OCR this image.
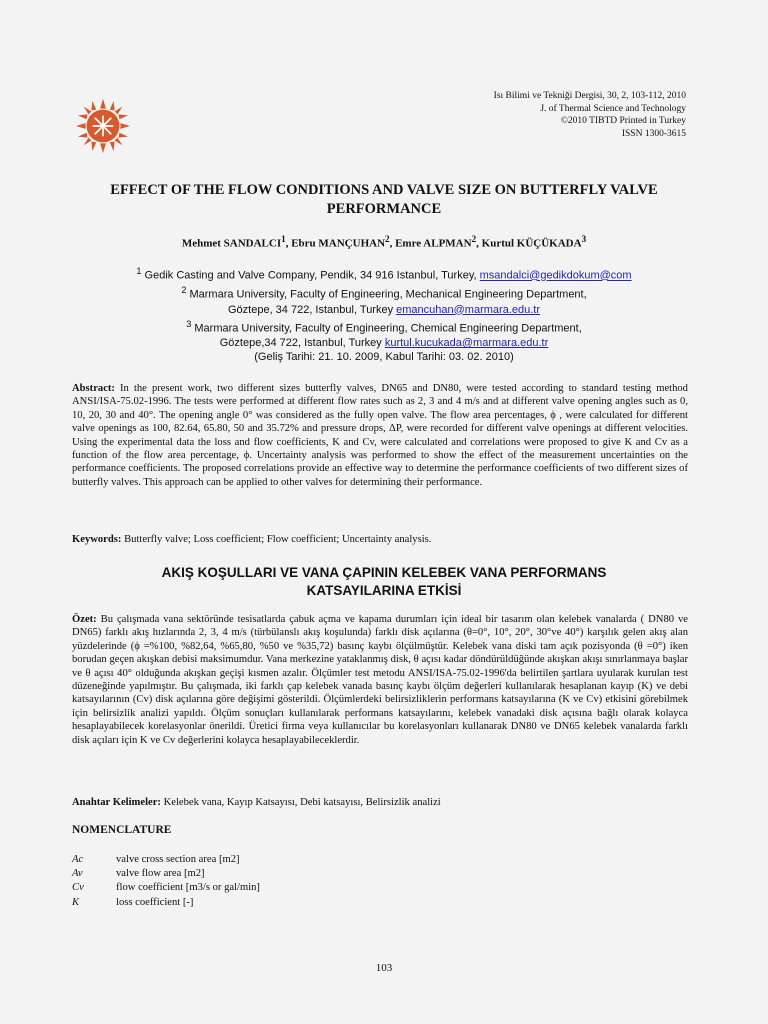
Isı Bilimi ve Tekniği Dergisi, 30, 2, 103-112, 2010
J. of Thermal Science and Technology
©2010 TIBTD Printed in Turkey
ISSN 1300-3615
EFFECT OF THE FLOW CONDITIONS AND VALVE SIZE ON BUTTERFLY VALVE
PERFORMANCE
Mehmet SANDALCI$^1$, Ebru MANÇUHAN$^2$, Emre ALPMAN$^2$, Kurtul KÜÇÜKADA$^3$
$^1$ Gedik Casting and Valve Company, Pendik, 34 916 Istanbul, Turkey, msandalci@gedikdokum@com
$^2$ Marmara University, Faculty of Engineering, Mechanical Engineering Department,
Göztepe, 34 722, Istanbul, Turkey emancuhan@marmara.edu.tr
$^3$ Marmara University, Faculty of Engineering, Chemical Engineering Department,
Göztepe,34 722, Istanbul, Turkey kurtul.kucukada@marmara.edu.tr
(Geliş Tarihi: 21. 10. 2009, Kabul Tarihi: 03. 02. 2010)
Abstract: In the present work, two different sizes butterfly valves, DN65 and DN80, were tested according to standard testing method ANSI/ISA-75.02-1996. The tests were performed at different flow rates such as 2, 3 and 4 m/s and at different valve opening angles such as 0, 10, 20, 30 and 40°. The opening angle 0° was considered as the fully open valve. The flow area percentages, ϕ , were calculated for different valve openings as 100, 82.64, 65.80, 50 and 35.72% and pressure drops, ΔP, were recorded for different valve openings at different velocities. Using the experimental data the loss and flow coefficients, K and Cv, were calculated and correlations were proposed to give K and Cv as a function of the flow area percentage, ϕ. Uncertainty analysis was performed to show the effect of the measurement uncertainties on the performance coefficients. The proposed correlations provide an effective way to determine the performance coefficients of two different sizes of butterfly valves. This approach can be applied to other valves for determining their performance.
Keywords: Butterfly valve; Loss coefficient; Flow coefficient; Uncertainty analysis.
AKIŞ KOŞULLARI VE VANA ÇAPININ KELEBEK VANA PERFORMANS
KATSAYILARINA ETKİSİ
Özet: Bu çalışmada vana sektöründe tesisatlarda çabuk açma ve kapama durumları için ideal bir tasarım olan kelebek vanalarda ( DN80 ve DN65) farklı akış hızlarında 2, 3, 4 m/s (türbülanslı akış koşulunda) farklı disk açılarına (θ=0°, 10°, 20°, 30°ve 40°) karşılık gelen akış alan yüzdelerinde (ϕ =%100, %82,64, %65,80, %50 ve %35,72) basınç kaybı ölçülmüştür. Kelebek vana diski tam açık pozisyonda (θ =0°) iken borudan geçen akışkan debisi maksimumdur. Vana merkezine yataklanmış disk, θ açısı kadar döndürüldüğünde akışkan akışı sınırlanmaya başlar ve θ açısı 40° olduğunda akışkan geçişi kısmen azalır. Ölçümler test metodu ANSI/ISA-75.02-1996'da belirtilen şartlara uyularak kurulan test düzeneğinde yapılmıştır. Bu çalışmada, iki farklı çap kelebek vanada basınç kaybı ölçüm değerleri kullanılarak hesaplanan kayıp (K) ve debi katsayılarının (Cv) disk açılarına göre değişimi gösterildi. Ölçümlerdeki belirsizliklerin performans katsayılarına (K ve Cv) etkisini görebilmek için belirsizlik analizi yapıldı. Ölçüm sonuçları kullanılarak performans katsayılarını, kelebek vanadaki disk açısına bağlı olarak kolayca hesaplayabilecek korelasyonlar önerildi. Üretici firma veya kullanıcılar bu korelasyonları kullanarak DN80 ve DN65 kelebek vanalarda farklı disk açıları için K ve Cv değerlerini kolayca hesaplayabileceklerdir.
Anahtar Kelimeler: Kelebek vana, Kayıp Katsayısı, Debi katsayısı, Belirsizlik analizi
NOMENCLATURE
Ac	valve cross section area [m2]
Av	valve flow area [m2]
Cv	flow coefficient [m3/s or gal/min]
K	loss coefficient [-]
103
